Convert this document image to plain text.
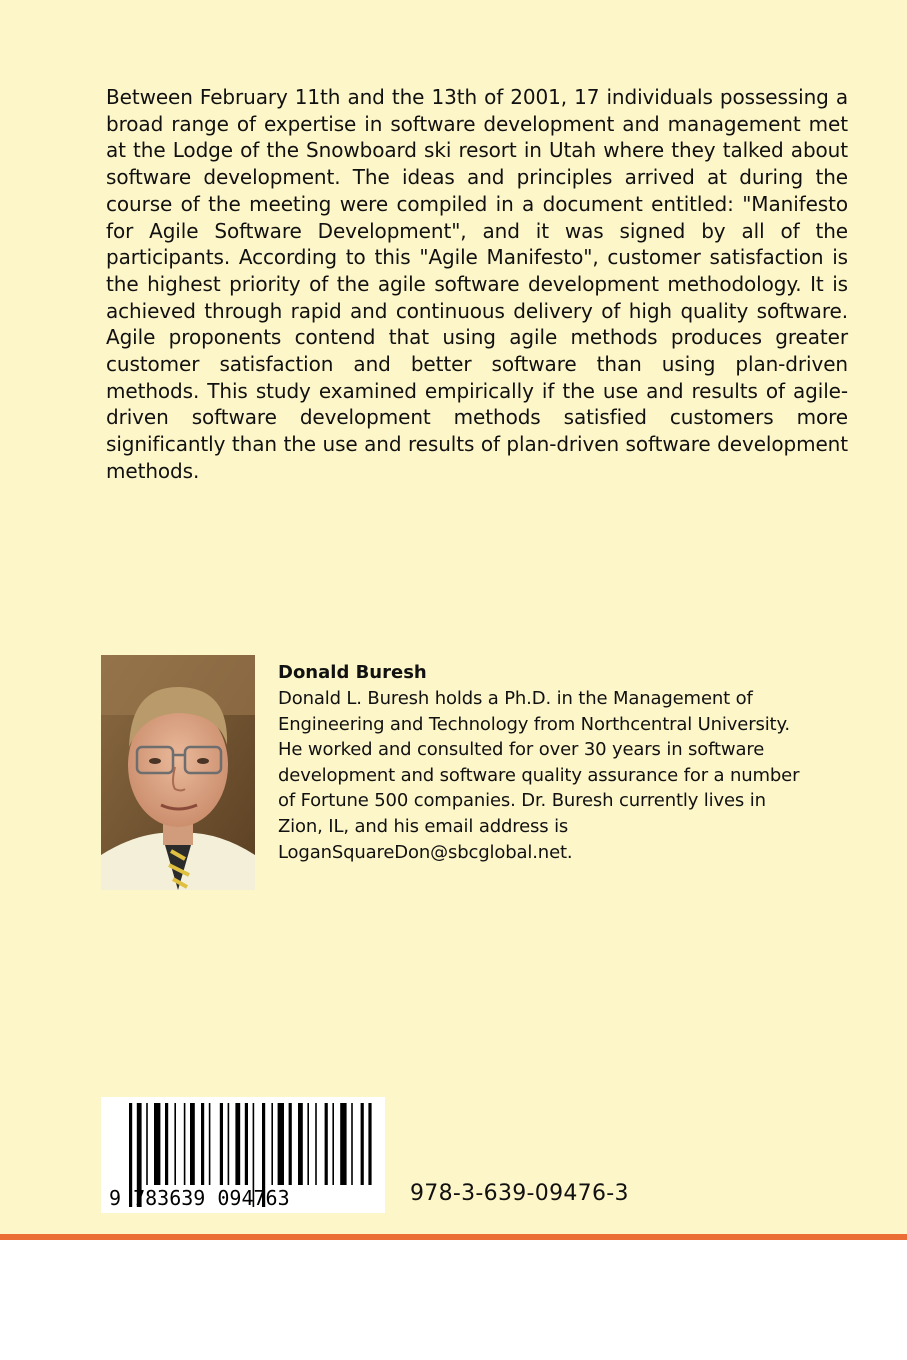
Between February 11th and the 13th of 2001, 17 individuals possessing a
broad range of expertise in software development and management met
at the Lodge of the Snowboard ski resort in Utah where they talked about
software development. The ideas and principles arrived at during the
course of the meeting were compiled in a document entitled: "Manifesto
for Agile Software Development", and it was signed by all of the
participants. According to this "Agile Manifesto", customer satisfaction is
the highest priority of the agile software development methodology. It is
achieved through rapid and continuous delivery of high quality software.
Agile proponents contend that using agile methods produces greater
customer satisfaction and better software than using plan-driven
methods. This study examined empirically if the use and results of agile-
driven software development methods satisfied customers more
significantly than the use and results of plan-driven software development
methods.

Donald Buresh

Donald L. Buresh holds a Ph.D. in the Management of
Engineering and Technology from Northcentral University.
He worked and consulted for over 30 years in software
development and software quality assurance for a number
of Fortune 500 companies. Dr. Buresh currently lives in
Zion, IL, and his email address is
LoganSquareDon@sbcglobal.net.

9 783639 094763	978-3-639-09476-3
